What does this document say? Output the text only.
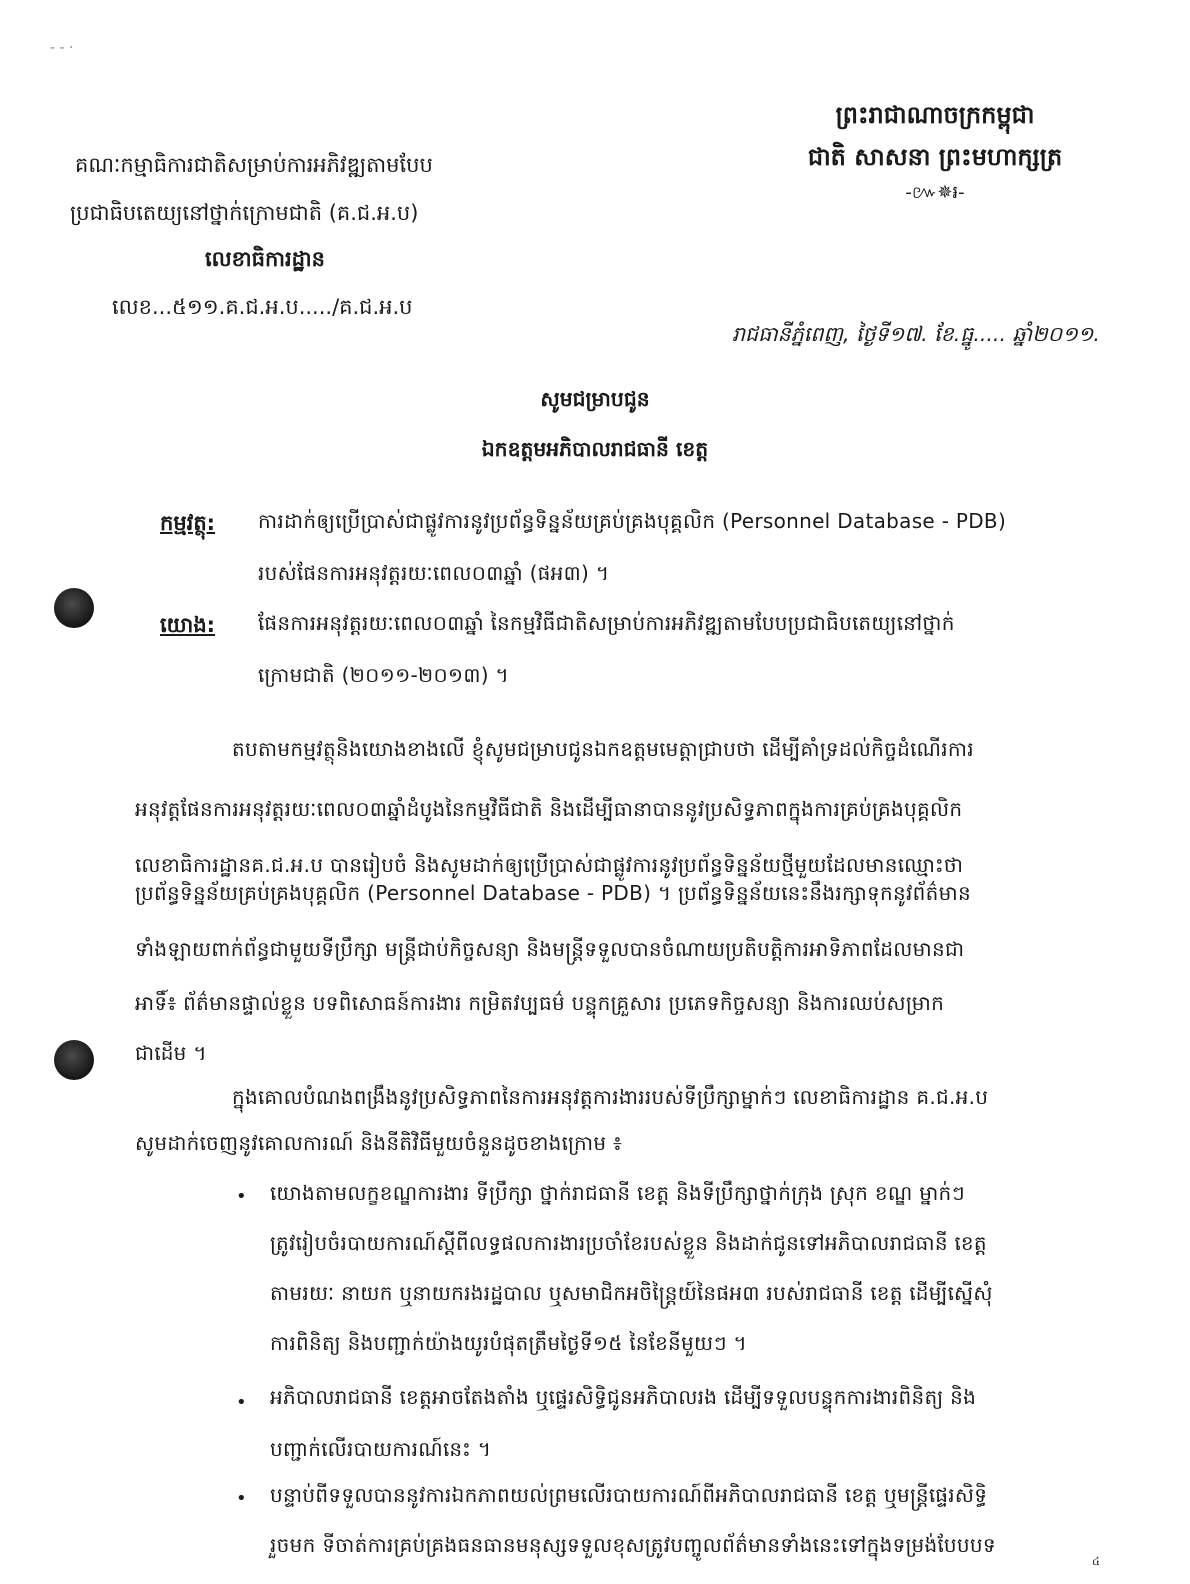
- - ·
ព្រះរាជាណាចក្រកម្ពុជា
ជាតិ សាសនា ព្រះមហាក្សត្រ
-៚✵៛-
គណៈកម្មាធិការជាតិសម្រាប់ការអភិវឌ្ឍតាមបែប
ប្រជាធិបតេយ្យនៅថ្នាក់ក្រោមជាតិ (គ.ជ.អ.ប)
លេខាធិការដ្ឋាន
លេខ...៥១១.គ.ជ.អ.ប...../គ.ជ.អ.ប
រាជធានីភ្នំពេញ, ថ្ងៃទី១៧. ខែ.ធ្នូ..... ឆ្នាំ២០១១.
សូមជម្រាបជូន
ឯកឧត្តមអភិបាលរាជធានី ខេត្ត
កម្មវត្ថុ: ការដាក់ឲ្យប្រើប្រាស់ជាផ្លូវការនូវប្រព័ន្ធទិន្នន័យគ្រប់គ្រងបុគ្គលិក (Personnel Database - PDB)
របស់ផែនការអនុវត្តរយៈពេល០៣ឆ្នាំ (ផអ៣) ។
យោង: ផែនការអនុវត្តរយៈពេល០៣ឆ្នាំ នៃកម្មវិធីជាតិសម្រាប់ការអភិវឌ្ឍតាមបែបប្រជាធិបតេយ្យនៅថ្នាក់
ក្រោមជាតិ (២០១១-២០១៣) ។
តបតាមកម្មវត្ថុនិងយោងខាងលើ ខ្ញុំសូមជម្រាបជូនឯកឧត្តមមេត្តាជ្រាបថា ដើម្បីគាំទ្រដល់កិច្ចដំណើរការ
អនុវត្តផែនការអនុវត្តរយៈពេល០៣ឆ្នាំដំបូងនៃកម្មវិធីជាតិ និងដើម្បីធានាបាននូវប្រសិទ្ធភាពក្នុងការគ្រប់គ្រងបុគ្គលិក
លេខាធិការដ្ឋានគ.ជ.អ.ប បានរៀបចំ និងសូមដាក់ឲ្យប្រើប្រាស់ជាផ្លូវការនូវប្រព័ន្ធទិន្នន័យថ្មីមួយដែលមានឈ្មោះថា
ប្រព័ន្ធទិន្នន័យគ្រប់គ្រងបុគ្គលិក (Personnel Database - PDB) ។ ប្រព័ន្ធទិន្នន័យនេះនឹងរក្សាទុកនូវព័ត៌មាន
ទាំងឡាយពាក់ព័ន្ធជាមួយទីប្រឹក្សា មន្ត្រីជាប់កិច្ចសន្យា និងមន្ត្រីទទួលបានចំណាយប្រតិបត្តិការអាទិភាពដែលមានជា
អាទិ៍៖ ព័ត៌មានផ្ទាល់ខ្លួន បទពិសោធន៍ការងារ កម្រិតវប្បធម៌ បន្ទុកគ្រួសារ ប្រភេទកិច្ចសន្យា និងការឈប់សម្រាក
ជាដើម ។
ក្នុងគោលបំណងពង្រឹងនូវប្រសិទ្ធភាពនៃការអនុវត្តការងាររបស់ទីប្រឹក្សាម្នាក់ៗ លេខាធិការដ្ឋាន គ.ជ.អ.ប
សូមដាក់ចេញនូវគោលការណ៍ និងនីតិវិធីមួយចំនួនដូចខាងក្រោម ៖
• យោងតាមលក្ខខណ្ឌការងារ ទីប្រឹក្សា ថ្នាក់រាជធានី ខេត្ត និងទីប្រឹក្សាថ្នាក់ក្រុង ស្រុក ខណ្ឌ ម្នាក់ៗ
ត្រូវរៀបចំរបាយការណ៍ស្តីពីលទ្ធផលការងារប្រចាំខែរបស់ខ្លួន និងដាក់ជូនទៅអភិបាលរាជធានី ខេត្ត
តាមរយៈ នាយក ឬនាយករងរដ្ឋបាល ឬសមាជិកអចិន្ត្រៃយ៍នៃផអ៣ របស់រាជធានី ខេត្ត ដើម្បីស្នើសុំ
ការពិនិត្យ និងបញ្ជាក់យ៉ាងយូរបំផុតត្រឹមថ្ងៃទី១៥ នៃខែនីមួយៗ ។
• អភិបាលរាជធានី ខេត្តអាចតែងតាំង ឬផ្ទេរសិទ្ធិជូនអភិបាលរង ដើម្បីទទួលបន្ទុកការងារពិនិត្យ និង
បញ្ជាក់លើរបាយការណ៍នេះ ។
• បន្ទាប់ពីទទួលបាននូវការឯកភាពយល់ព្រមលើរបាយការណ៍ពីអភិបាលរាជធានី ខេត្ត ឬមន្ត្រីផ្ទេរសិទ្ធិ
រួចមក ទីចាត់ការគ្រប់គ្រងធនធានមនុស្សទទួលខុសត្រូវបញ្ចូលព័ត៌មានទាំងនេះទៅក្នុងទម្រង់បែបបទ
៤
